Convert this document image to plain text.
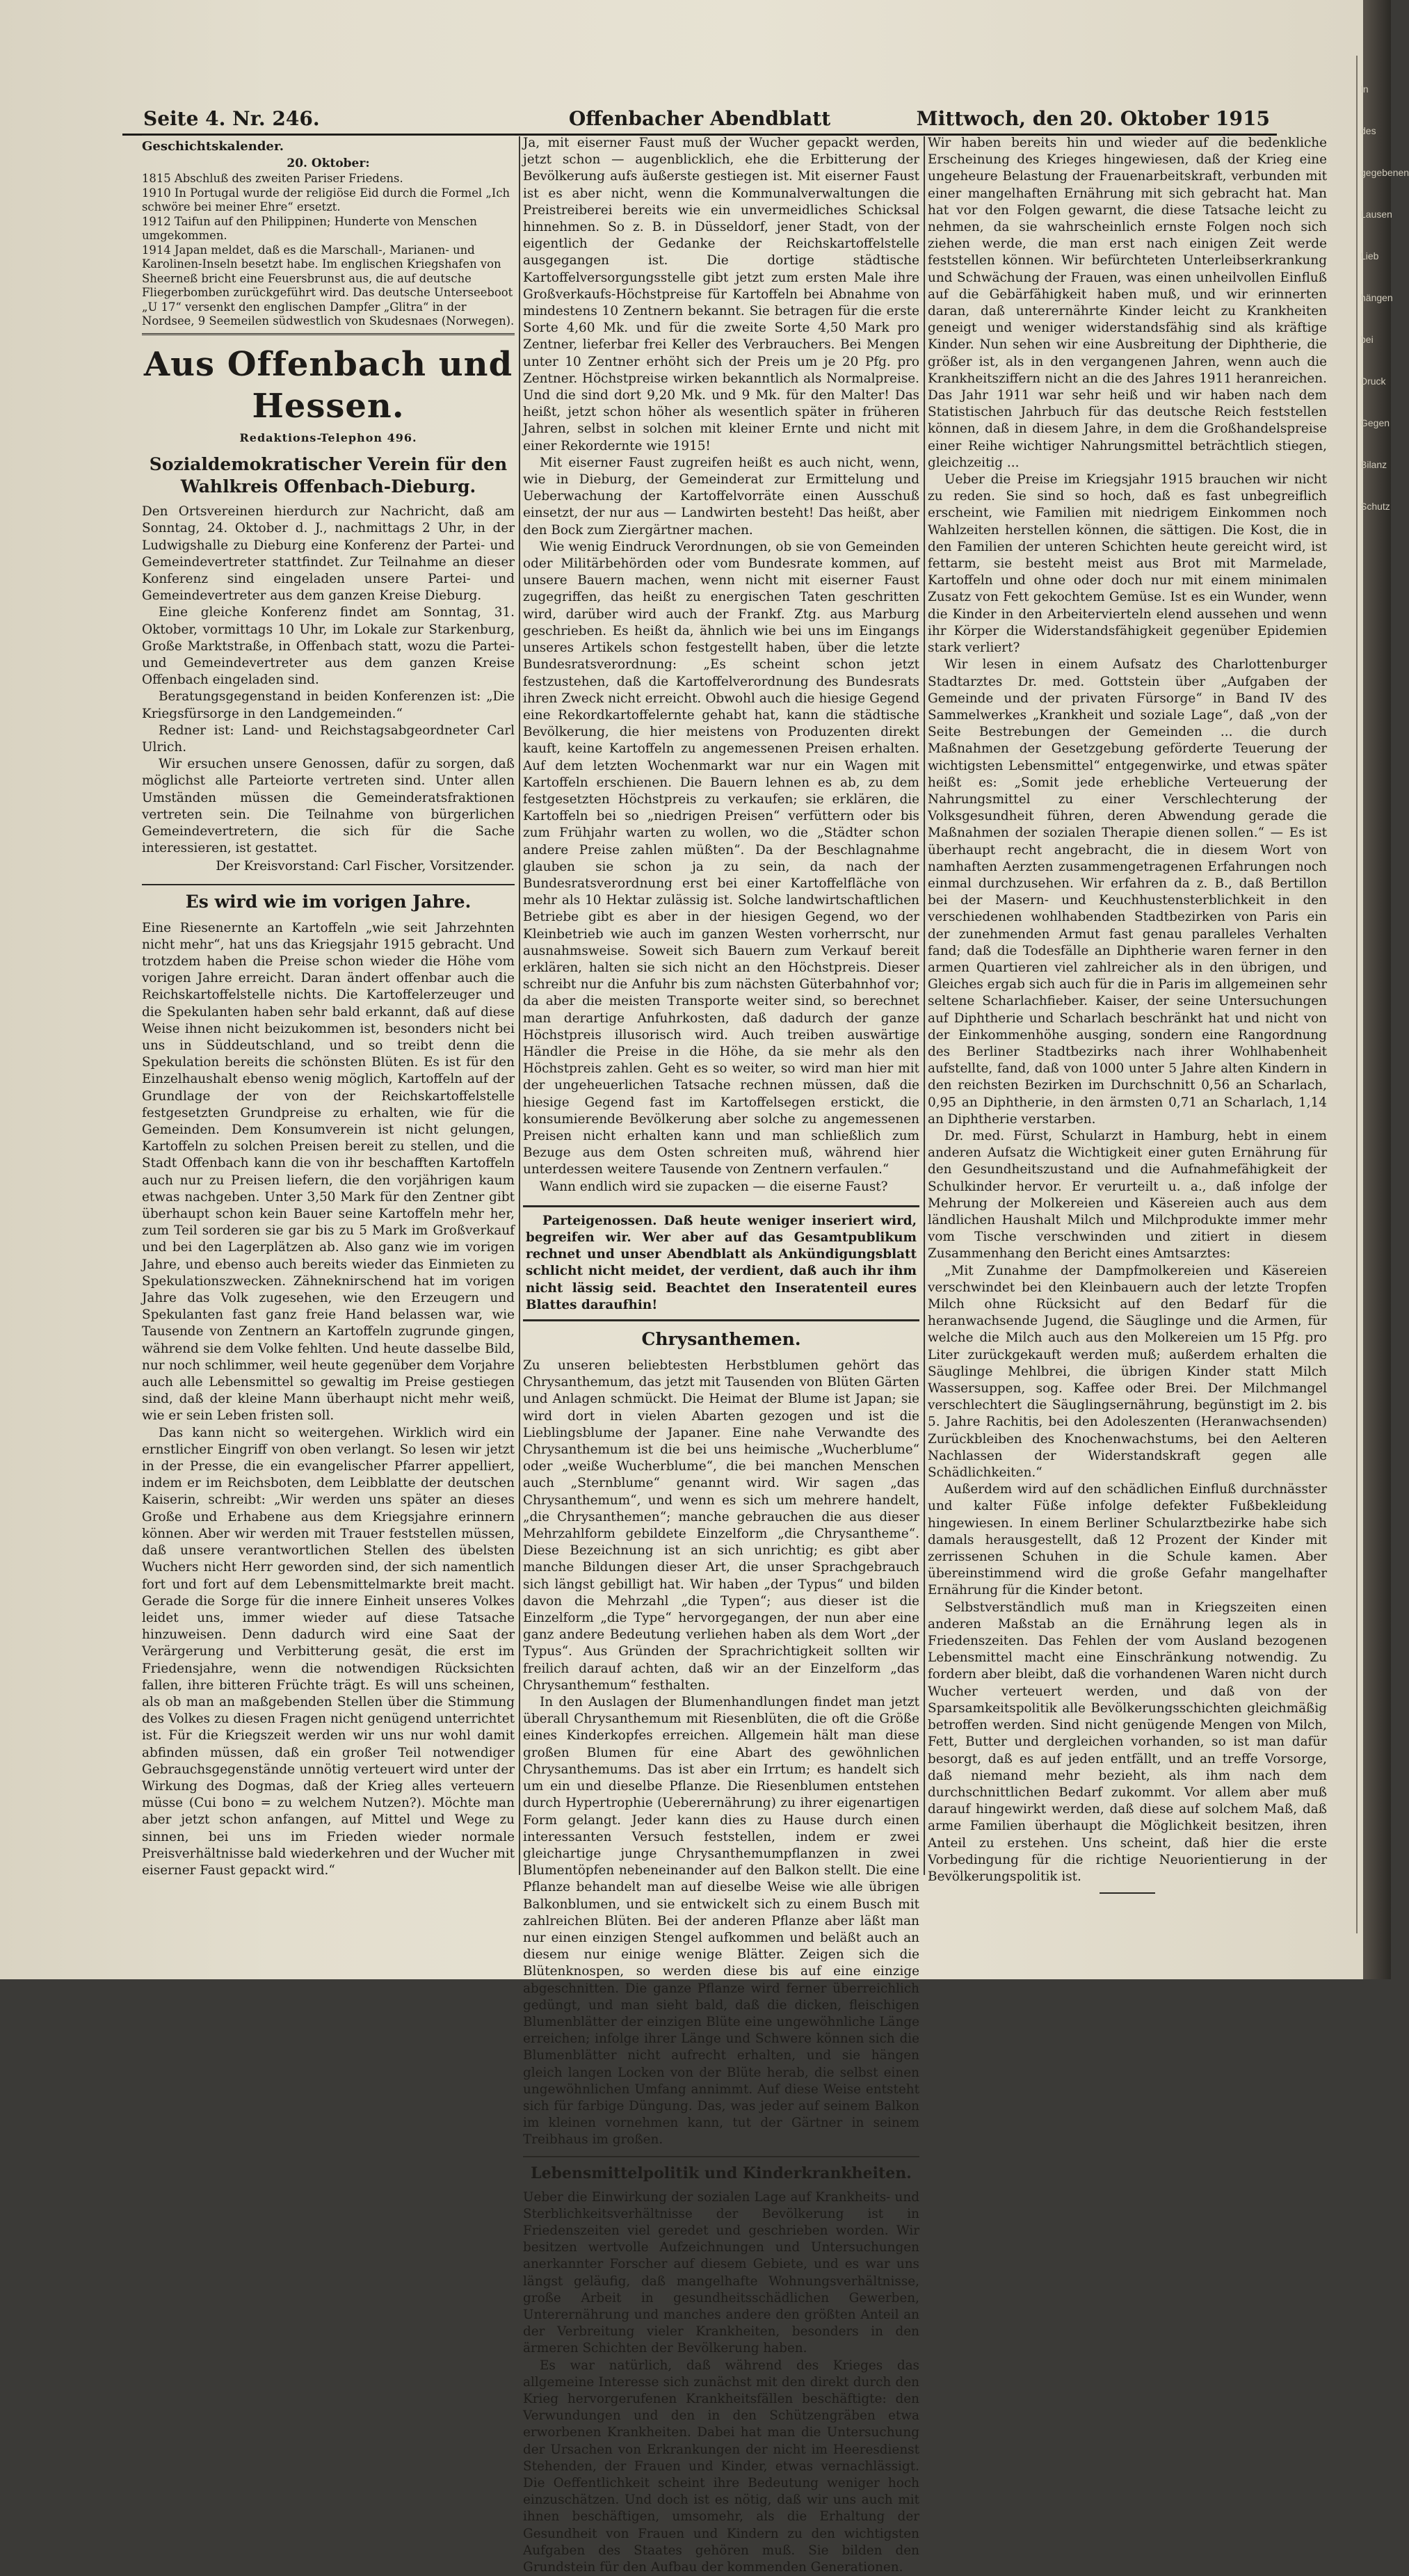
Seite 4. Nr. 246.	Offenbacher Abendblatt	Mittwoch, den 20. Oktober 1915
Geschichtskalender.
20. Oktober:
1815 Abschluß des zweiten Pariser Friedens.
1910 In Portugal wurde der religiöse Eid durch die Formel „Ich schwöre bei meiner Ehre“ ersetzt.
1912 Taifun auf den Philippinen; Hunderte von Menschen umgekommen.
1914 Japan meldet, daß es die Marschall-, Marianen- und Karolinen-Inseln besetzt habe. Im englischen Kriegshafen von Sheerneß bricht eine Feuersbrunst aus, die auf deutsche Fliegerbomben zurückgeführt wird. Das deutsche Unterseeboot „U 17“ versenkt den englischen Dampfer „Glitra“ in der Nordsee, 9 Seemeilen südwestlich von Skudesnaes (Norwegen).
Aus Offenbach und Hessen.
Redaktions-Telephon 496.
Sozialdemokratischer Verein für den Wahlkreis Offenbach-Dieburg.

Den Ortsvereinen hierdurch zur Nachricht, daß am Sonntag, 24. Oktober d. J., nachmittags 2 Uhr, in der Ludwigshalle zu Dieburg eine Konferenz der Partei- und Gemeindevertreter stattfindet. Zur Teilnahme an dieser Konferenz sind eingeladen unsere Partei- und Gemeindevertreter aus dem ganzen Kreise Dieburg.

Eine gleiche Konferenz findet am Sonntag, 31. Oktober, vormittags 10 Uhr, im Lokale zur Starkenburg, Große Marktstraße, in Offenbach statt, wozu die Partei- und Gemeindevertreter aus dem ganzen Kreise Offenbach eingeladen sind.

Beratungsgegenstand in beiden Konferenzen ist: „Die Kriegsfürsorge in den Landgemeinden.“

Redner ist: Land- und Reichstagsabgeordneter Carl Ulrich.

Wir ersuchen unsere Genossen, dafür zu sorgen, daß möglichst alle Parteiorte vertreten sind. Unter allen Umständen müssen die Gemeinderatsfraktionen vertreten sein. Die Teilnahme von bürgerlichen Gemeindevertretern, die sich für die Sache interessieren, ist gestattet.

Der Kreisvorstand: Carl Fischer, Vorsitzender.
Es wird wie im vorigen Jahre.

Eine Riesenernte an Kartoffeln „wie seit Jahrzehnten nicht mehr“, hat uns das Kriegsjahr 1915 gebracht. Und trotzdem haben die Preise schon wieder die Höhe vom vorigen Jahre erreicht. Daran ändert offenbar auch die Reichskartoffelstelle nichts. Die Kartoffelerzeuger und die Spekulanten haben sehr bald erkannt, daß auf diese Weise ihnen nicht beizukommen ist, besonders nicht bei uns in Süddeutschland, und so treibt denn die Spekulation bereits die schönsten Blüten. Es ist für den Einzelhaushalt ebenso wenig möglich, Kartoffeln auf der Grundlage der von der Reichskartoffelstelle festgesetzten Grundpreise zu erhalten, wie für die Gemeinden. Dem Konsumverein ist nicht gelungen, Kartoffeln zu solchen Preisen bereit zu stellen, und die Stadt Offenbach kann die von ihr beschafften Kartoffeln auch nur zu Preisen liefern, die den vorjährigen kaum etwas nachgeben. Unter 3,50 Mark für den Zentner gibt überhaupt schon kein Bauer seine Kartoffeln mehr her, zum Teil sorderen sie gar bis zu 5 Mark im Großverkauf und bei den Lagerplätzen ab. Also ganz wie im vorigen Jahre, und ebenso auch bereits wieder das Einmieten zu Spekulationszwecken. Zähneknirschend hat im vorigen Jahre das Volk zugesehen, wie den Erzeugern und Spekulanten fast ganz freie Hand belassen war, wie Tausende von Zentnern an Kartoffeln zugrunde gingen, während sie dem Volke fehlten. Und heute dasselbe Bild, nur noch schlimmer, weil heute gegenüber dem Vorjahre auch alle Lebensmittel so gewaltig im Preise gestiegen sind, daß der kleine Mann überhaupt nicht mehr weiß, wie er sein Leben fristen soll.

Das kann nicht so weitergehen. Wirklich wird ein ernstlicher Eingriff von oben verlangt. So lesen wir jetzt in der Presse, die ein evangelischer Pfarrer appelliert, indem er im Reichsboten, dem Leibblatte der deutschen Kaiserin, schreibt: „Wir werden uns später an dieses Große und Erhabene aus dem Kriegsjahre erinnern können. Aber wir werden mit Trauer feststellen müssen, daß unsere verantwortlichen Stellen des übelsten Wuchers nicht Herr geworden sind, der sich namentlich fort und fort auf dem Lebensmittelmarkte breit macht. Gerade die Sorge für die innere Einheit unseres Volkes leidet uns, immer wieder auf diese Tatsache hinzuweisen. Denn dadurch wird eine Saat der Verärgerung und Verbitterung gesät, die erst im Friedensjahre, wenn die notwendigen Rücksichten fallen, ihre bitteren Früchte trägt. Es will uns scheinen, als ob man an maßgebenden Stellen über die Stimmung des Volkes zu diesen Fragen nicht genügend unterrichtet ist. Für die Kriegszeit werden wir uns nur wohl damit abfinden müssen, daß ein großer Teil notwendiger Gebrauchsgegenstände unnötig verteuert wird unter der Wirkung des Dogmas, daß der Krieg alles verteuern müsse (Cui bono = zu welchem Nutzen?). Möchte man aber jetzt schon anfangen, auf Mittel und Wege zu sinnen, bei uns im Frieden wieder normale Preisverhältnisse bald wiederkehren und der Wucher mit eiserner Faust gepackt wird.“

Ja, mit eiserner Faust muß der Wucher gepackt werden, jetzt schon — augenblicklich, ehe die Erbitterung der Bevölkerung aufs äußerste gestiegen ist. Mit eiserner Faust ist es aber nicht, wenn die Kommunalverwaltungen die Preistreiberei bereits wie ein unvermeidliches Schicksal hinnehmen. So z. B. in Düsseldorf, jener Stadt, von der eigentlich der Gedanke der Reichskartoffelstelle ausgegangen ist. Die dortige städtische Kartoffelversorgungsstelle gibt jetzt zum ersten Male ihre Großverkaufs-Höchstpreise für Kartoffeln bei Abnahme von mindestens 10 Zentnern bekannt. Sie betragen für die erste Sorte 4,60 Mk. und für die zweite Sorte 4,50 Mark pro Zentner, lieferbar frei Keller des Verbrauchers. Bei Mengen unter 10 Zentner erhöht sich der Preis um je 20 Pfg. pro Zentner. Höchstpreise wirken bekanntlich als Normalpreise. Und die sind dort 9,20 Mk. und 9 Mk. für den Malter! Das heißt, jetzt schon höher als wesentlich später in früheren Jahren, selbst in solchen mit kleiner Ernte und nicht mit einer Rekordernte wie 1915!

Mit eiserner Faust zugreifen heißt es auch nicht, wenn, wie in Dieburg, der Gemeinderat zur Ermittelung und Ueberwachung der Kartoffelvorräte einen Ausschuß einsetzt, der nur aus — Landwirten besteht! Das heißt, aber den Bock zum Ziergärtner machen.

Wie wenig Eindruck Verordnungen, ob sie von Gemeinden oder Militärbehörden oder vom Bundesrate kommen, auf unsere Bauern machen, wenn nicht mit eiserner Faust zugegriffen, das heißt zu energischen Taten geschritten wird, darüber wird auch der Frankf. Ztg. aus Marburg geschrieben. Es heißt da, ähnlich wie bei uns im Eingangs unseres Artikels schon festgestellt haben, über die letzte Bundesratsverordnung: „Es scheint schon jetzt festzustehen, daß die Kartoffelverordnung des Bundesrats ihren Zweck nicht erreicht. Obwohl auch die hiesige Gegend eine Rekordkartoffelernte gehabt hat, kann die städtische Bevölkerung, die hier meistens von Produzenten direkt kauft, keine Kartoffeln zu angemessenen Preisen erhalten. Auf dem letzten Wochenmarkt war nur ein Wagen mit Kartoffeln erschienen. Die Bauern lehnen es ab, zu dem festgesetzten Höchstpreis zu verkaufen; sie erklären, die Kartoffeln bei so „niedrigen Preisen“ verfüttern oder bis zum Frühjahr warten zu wollen, wo die „Städter schon andere Preise zahlen müßten“. Da der Beschlagnahme glauben sie schon ja zu sein, da nach der Bundesratsverordnung erst bei einer Kartoffelfläche von mehr als 10 Hektar zulässig ist. Solche landwirtschaftlichen Betriebe gibt es aber in der hiesigen Gegend, wo der Kleinbetrieb wie auch im ganzen Westen vorherrscht, nur ausnahmsweise. Soweit sich Bauern zum Verkauf bereit erklären, halten sie sich nicht an den Höchstpreis. Dieser schreibt nur die Anfuhr bis zum nächsten Güterbahnhof vor; da aber die meisten Transporte weiter sind, so berechnet man derartige Anfuhrkosten, daß dadurch der ganze Höchstpreis illusorisch wird. Auch treiben auswärtige Händler die Preise in die Höhe, da sie mehr als den Höchstpreis zahlen. Geht es so weiter, so wird man hier mit der ungeheuerlichen Tatsache rechnen müssen, daß die hiesige Gegend fast im Kartoffelsegen erstickt, die konsumierende Bevölkerung aber solche zu angemessenen Preisen nicht erhalten kann und man schließlich zum Bezuge aus dem Osten schreiten muß, während hier unterdessen weitere Tausende von Zentnern verfaulen.“

Wann endlich wird sie zupacken — die eiserne Faust?

Parteigenossen. Daß heute weniger inseriert wird, begreifen wir. Wer aber auf das Gesamtpublikum rechnet und unser Abendblatt als Ankündigungsblatt schlicht nicht meidet, der verdient, daß auch ihr ihm nicht lässig seid. Beachtet den Inseratenteil eures Blattes daraufhin!

Chrysanthemen.

Zu unseren beliebtesten Herbstblumen gehört das Chrysanthemum, das jetzt mit Tausenden von Blüten Gärten und Anlagen schmückt. Die Heimat der Blume ist Japan; sie wird dort in vielen Abarten gezogen und ist die Lieblingsblume der Japaner. Eine nahe Verwandte des Chrysanthemum ist die bei uns heimische „Wucherblume“ oder „weiße Wucherblume“, die bei manchen Menschen auch „Sternblume“ genannt wird. Wir sagen „das Chrysanthemum“, und wenn es sich um mehrere handelt, „die Chrysanthemen“; manche gebrauchen die aus dieser Mehrzahlform gebildete Einzelform „die Chrysantheme“. Diese Bezeichnung ist an sich unrichtig; es gibt aber manche Bildungen dieser Art, die unser Sprachgebrauch sich längst gebilligt hat. Wir haben „der Typus“ und bilden davon die Mehrzahl „die Typen“; aus dieser ist die Einzelform „die Type“ hervorgegangen, der nun aber eine ganz andere Bedeutung verliehen haben als dem Wort „der Typus“. Aus Gründen der Sprachrichtigkeit sollten wir freilich darauf achten, daß wir an der Einzelform „das Chrysanthemum“ festhalten.

In den Auslagen der Blumenhandlungen findet man jetzt überall Chrysanthemum mit Riesenblüten, die oft die Größe eines Kinderkopfes erreichen. Allgemein hält man diese großen Blumen für eine Abart des gewöhnlichen Chrysanthemums. Das ist aber ein Irrtum; es handelt sich um ein und dieselbe Pflanze. Die Riesenblumen entstehen durch Hypertrophie (Ueberernährung) zu ihrer eigenartigen Form gelangt. Jeder kann dies zu Hause durch einen interessanten Versuch feststellen, indem er zwei gleichartige junge Chrysanthemumpflanzen in zwei Blumentöpfen nebeneinander auf den Balkon stellt. Die eine Pflanze behandelt man auf dieselbe Weise wie alle übrigen Balkonblumen, und sie entwickelt sich zu einem Busch mit zahlreichen Blüten. Bei der anderen Pflanze aber läßt man nur einen einzigen Stengel aufkommen und beläßt auch an diesem nur einige wenige Blätter. Zeigen sich die Blütenknospen, so werden diese bis auf eine einzige abgeschnitten. Die ganze Pflanze wird ferner überreichlich gedüngt, und man sieht bald, daß die dicken, fleischigen Blumenblätter der einzigen Blüte eine ungewöhnliche Länge erreichen; infolge ihrer Länge und Schwere können sich die Blumenblätter nicht aufrecht erhalten, und sie hängen gleich langen Locken von der Blüte herab, die selbst einen ungewöhnlichen Umfang annimmt. Auf diese Weise entsteht sich für farbige Düngung. Das, was jeder auf seinem Balkon im kleinen vornehmen kann, tut der Gärtner in seinem Treibhaus im großen.

Lebensmittelpolitik und Kinderkrankheiten.

Ueber die Einwirkung der sozialen Lage auf Krankheits- und Sterblichkeitsverhältnisse der Bevölkerung ist in Friedenszeiten viel geredet und geschrieben worden. Wir besitzen wertvolle Aufzeichnungen und Untersuchungen anerkannter Forscher auf diesem Gebiete, und es war uns längst geläufig, daß mangelhafte Wohnungsverhältnisse, große Arbeit in gesundheitsschädlichen Gewerben, Unterernährung und manches andere den größten Anteil an der Verbreitung vieler Krankheiten, besonders in den ärmeren Schichten der Bevölkerung haben.

Es war natürlich, daß während des Krieges das allgemeine Interesse sich zunächst mit den direkt durch den Krieg hervorgerufenen Krankheitsfällen beschäftigte: den Verwundungen und den in den Schützengräben etwa erworbenen Krankheiten. Dabei hat man die Untersuchung der Ursachen von Erkrankungen der nicht im Heeresdienst Stehenden, der Frauen und Kinder, etwas vernachlässigt. Die Oeffentlichkeit scheint ihre Bedeutung weniger hoch einzuschätzen. Und doch ist es nötig, daß wir uns auch mit ihnen beschäftigen, umsomehr, als die Erhaltung der Gesundheit von Frauen und Kindern zu den wichtigsten Aufgaben des Staates gehören muß. Sie bilden den Grundstein für den Aufbau der kommenden Generationen.

Wir haben bereits hin und wieder auf die bedenkliche Erscheinung des Krieges hingewiesen, daß der Krieg eine ungeheure Belastung der Frauenarbeitskraft, verbunden mit einer mangelhaften Ernährung mit sich gebracht hat. Man hat vor den Folgen gewarnt, die diese Tatsache leicht zu nehmen, da sie wahrscheinlich ernste Folgen noch sich ziehen werde, die man erst nach einigen Zeit werde feststellen können. Wir befürchteten Unterleibserkrankung und Schwächung der Frauen, was einen unheilvollen Einfluß auf die Gebärfähigkeit haben muß, und wir erinnerten daran, daß unterernährte Kinder leicht zu Krankheiten geneigt und weniger widerstandsfähig sind als kräftige Kinder. Nun sehen wir eine Ausbreitung der Diphtherie, die größer ist, als in den vergangenen Jahren, wenn auch die Krankheitsziffern nicht an die des Jahres 1911 heranreichen. Das Jahr 1911 war sehr heiß und wir haben nach dem Statistischen Jahrbuch für das deutsche Reich feststellen können, daß in diesem Jahre, in dem die Großhandelspreise einer Reihe wichtiger Nahrungsmittel beträchtlich stiegen, gleichzeitig ...

Ueber die Preise im Kriegsjahr 1915 brauchen wir nicht zu reden. Sie sind so hoch, daß es fast unbegreiflich erscheint, wie Familien mit niedrigem Einkommen noch Wahlzeiten herstellen können, die sättigen. Die Kost, die in den Familien der unteren Schichten heute gereicht wird, ist fettarm, sie besteht meist aus Brot mit Marmelade, Kartoffeln und ohne oder doch nur mit einem minimalen Zusatz von Fett gekochtem Gemüse. Ist es ein Wunder, wenn die Kinder in den Arbeitervierteln elend aussehen und wenn ihr Körper die Widerstandsfähigkeit gegenüber Epidemien stark verliert?

Wir lesen in einem Aufsatz des Charlottenburger Stadtarztes Dr. med. Gottstein über „Aufgaben der Gemeinde und der privaten Fürsorge“ in Band IV des Sammelwerkes „Krankheit und soziale Lage“, daß „von der Seite Bestrebungen der Gemeinden ... die durch Maßnahmen der Gesetzgebung geförderte Teuerung der wichtigsten Lebensmittel“ entgegenwirke, und etwas später heißt es: „Somit jede erhebliche Verteuerung der Nahrungsmittel zu einer Verschlechterung der Volksgesundheit führen, deren Abwendung gerade die Maßnahmen der sozialen Therapie dienen sollen.“ — Es ist überhaupt recht angebracht, die in diesem Wort von namhaften Aerzten zusammengetragenen Erfahrungen noch einmal durchzusehen. Wir erfahren da z. B., daß Bertillon bei der Masern- und Keuchhustensterblichkeit in den verschiedenen wohlhabenden Stadtbezirken von Paris ein der zunehmenden Armut fast genau paralleles Verhalten fand; daß die Todesfälle an Diphtherie waren ferner in den armen Quartieren viel zahlreicher als in den übrigen, und Gleiches ergab sich auch für die in Paris im allgemeinen sehr seltene Scharlachfieber. Kaiser, der seine Untersuchungen auf Diphtherie und Scharlach beschränkt hat und nicht von der Einkommenhöhe ausging, sondern eine Rangordnung des Berliner Stadtbezirks nach ihrer Wohlhabenheit aufstellte, fand, daß von 1000 unter 5 Jahre alten Kindern in den reichsten Bezirken im Durchschnitt 0,56 an Scharlach, 0,95 an Diphtherie, in den ärmsten 0,71 an Scharlach, 1,14 an Diphtherie verstarben.

Dr. med. Fürst, Schularzt in Hamburg, hebt in einem anderen Aufsatz die Wichtigkeit einer guten Ernährung für den Gesundheitszustand und die Aufnahmefähigkeit der Schulkinder hervor. Er verurteilt u. a., daß infolge der Mehrung der Molkereien und Käsereien auch aus dem ländlichen Haushalt Milch und Milchprodukte immer mehr vom Tische verschwinden und zitiert in diesem Zusammenhang den Bericht eines Amtsarztes:

„Mit Zunahme der Dampfmolkereien und Käsereien verschwindet bei den Kleinbauern auch der letzte Tropfen Milch ohne Rücksicht auf den Bedarf für die heranwachsende Jugend, die Säuglinge und die Armen, für welche die Milch auch aus den Molkereien um 15 Pfg. pro Liter zurückgekauft werden muß; außerdem erhalten die Säuglinge Mehlbrei, die übrigen Kinder statt Milch Wassersuppen, sog. Kaffee oder Brei. Der Milchmangel verschlechtert die Säuglingsernährung, begünstigt im 2. bis 5. Jahre Rachitis, bei den Adoleszenten (Heranwachsenden) Zurückbleiben des Knochenwachstums, bei den Aelteren Nachlassen der Widerstandskraft gegen alle Schädlichkeiten.“

Außerdem wird auf den schädlichen Einfluß durchnässter und kalter Füße infolge defekter Fußbekleidung hingewiesen. In einem Berliner Schularztbezirke habe sich damals herausgestellt, daß 12 Prozent der Kinder mit zerrissenen Schuhen in die Schule kamen. Aber übereinstimmend wird die große Gefahr mangelhafter Ernährung für die Kinder betont.

Selbstverständlich muß man in Kriegszeiten einen anderen Maßstab an die Ernährung legen als in Friedenszeiten. Das Fehlen der vom Ausland bezogenen Lebensmittel macht eine Einschränkung notwendig. Zu fordern aber bleibt, daß die vorhandenen Waren nicht durch Wucher verteuert werden, und daß von der Sparsamkeitspolitik alle Bevölkerungsschichten gleichmäßig betroffen werden. Sind nicht genügende Mengen von Milch, Fett, Butter und dergleichen vorhanden, so ist man dafür besorgt, daß es auf jeden entfällt, und an treffe Vorsorge, daß niemand mehr bezieht, als ihm nach dem durchschnittlichen Bedarf zukommt. Vor allem aber muß darauf hingewirkt werden, daß diese auf solchem Maß, daß arme Familien überhaupt die Möglichkeit besitzen, ihren Anteil zu erstehen. Uns scheint, daß hier die erste Vorbedingung für die richtige Neuorientierung in der Bevölkerungspolitik ist.

In
des
gegebenen
Lausen
Lieb
hängen
bei
Druck
Gegen
Bilanz
Schutz
